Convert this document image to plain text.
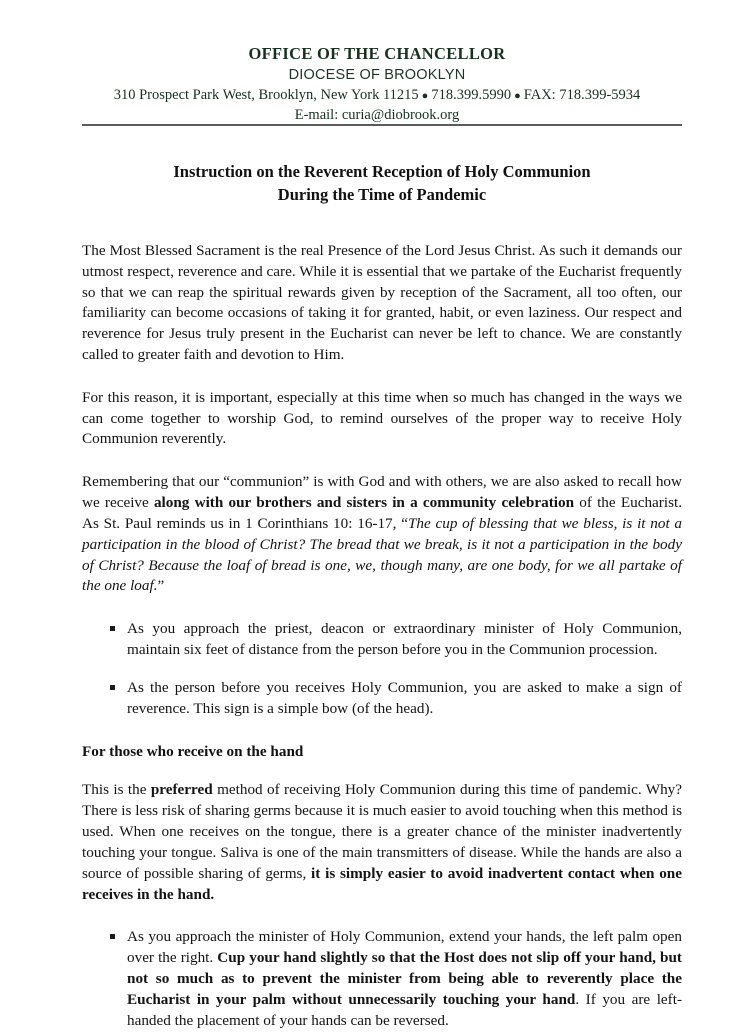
OFFICE OF THE CHANCELLOR
DIOCESE OF BROOKLYN
310 Prospect Park West, Brooklyn, New York 11215 ● 718.399.5990 ● FAX: 718.399-5934
E-mail: curia@diobrook.org
Instruction on the Reverent Reception of Holy Communion
During the Time of Pandemic

The Most Blessed Sacrament is the real Presence of the Lord Jesus Christ. As such it demands our utmost respect, reverence and care. While it is essential that we partake of the Eucharist frequently so that we can reap the spiritual rewards given by reception of the Sacrament, all too often, our familiarity can become occasions of taking it for granted, habit, or even laziness. Our respect and reverence for Jesus truly present in the Eucharist can never be left to chance. We are constantly called to greater faith and devotion to Him.

For this reason, it is important, especially at this time when so much has changed in the ways we can come together to worship God, to remind ourselves of the proper way to receive Holy Communion reverently.

Remembering that our “communion” is with God and with others, we are also asked to recall how we receive along with our brothers and sisters in a community celebration of the Eucharist. As St. Paul reminds us in 1 Corinthians 10: 16-17, “The cup of blessing that we bless, is it not a participation in the blood of Christ? The bread that we break, is it not a participation in the body of Christ? Because the loaf of bread is one, we, though many, are one body, for we all partake of the one loaf.”

As you approach the priest, deacon or extraordinary minister of Holy Communion, maintain six feet of distance from the person before you in the Communion procession.
As the person before you receives Holy Communion, you are asked to make a sign of reverence. This sign is a simple bow (of the head).

For those who receive on the hand

This is the preferred method of receiving Holy Communion during this time of pandemic. Why? There is less risk of sharing germs because it is much easier to avoid touching when this method is used. When one receives on the tongue, there is a greater chance of the minister inadvertently touching your tongue. Saliva is one of the main transmitters of disease. While the hands are also a source of possible sharing of germs, it is simply easier to avoid inadvertent contact when one receives in the hand.

As you approach the minister of Holy Communion, extend your hands, the left palm open over the right. Cup your hand slightly so that the Host does not slip off your hand, but not so much as to prevent the minister from being able to reverently place the Eucharist in your palm without unnecessarily touching your hand. If you are left-handed the placement of your hands can be reversed.
